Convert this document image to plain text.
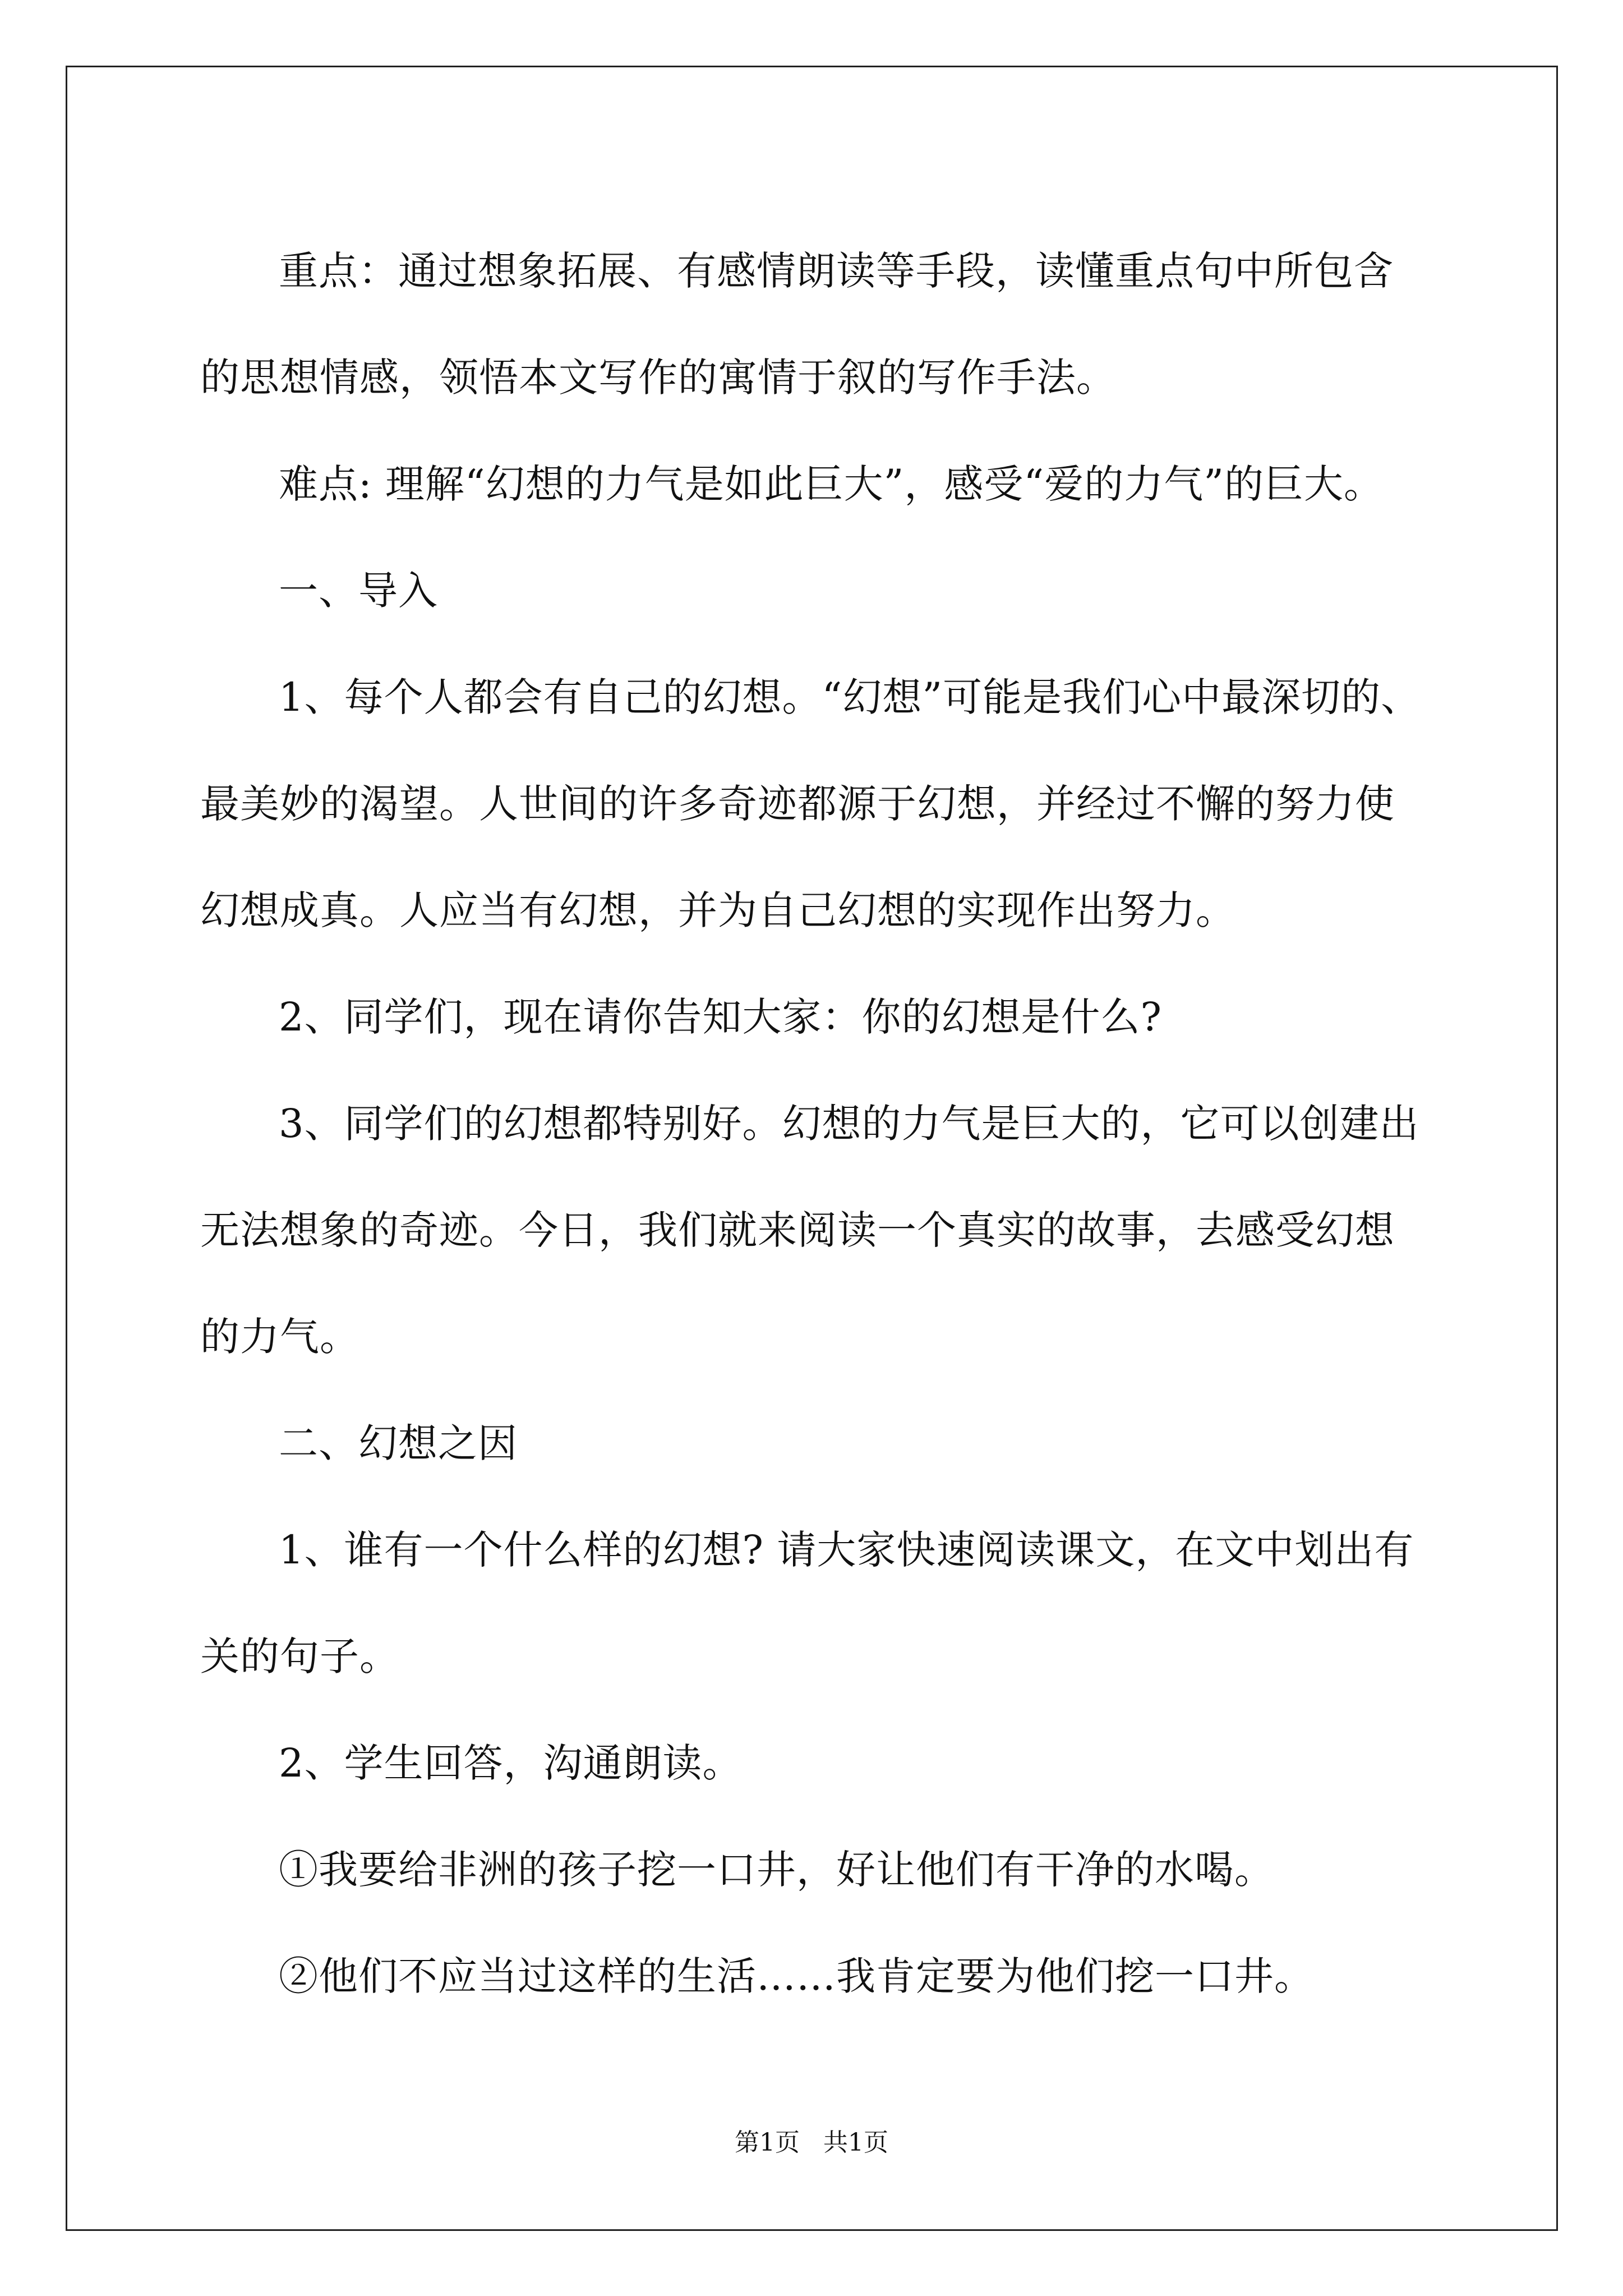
重点：通过想象拓展、有感情朗读等手段，读懂重点句中所包含

的思想情感，领悟本文写作的寓情于叙的写作手法。

难点: 理解“幻想的力气是如此巨大”，感受“爱的力气”的巨大。

一、导入

1、每个人都会有自己的幻想。“幻想”可能是我们心中最深切的、

最美妙的渴望。人世间的许多奇迹都源于幻想，并经过不懈的努力使

幻想成真。人应当有幻想，并为自己幻想的实现作出努力。

2、同学们，现在请你告知大家：你的幻想是什么?

3、同学们的幻想都特别好。幻想的力气是巨大的，它可以创建出

无法想象的奇迹。今日，我们就来阅读一个真实的故事，去感受幻想

的力气。

二、幻想之因

1、谁有一个什么样的幻想? 请大家快速阅读课文，在文中划出有

关的句子。

2、学生回答，沟通朗读。

①我要给非洲的孩子挖一口井，好让他们有干净的水喝。

②他们不应当过这样的生活……我肯定要为他们挖一口井。

第1页 共1页
